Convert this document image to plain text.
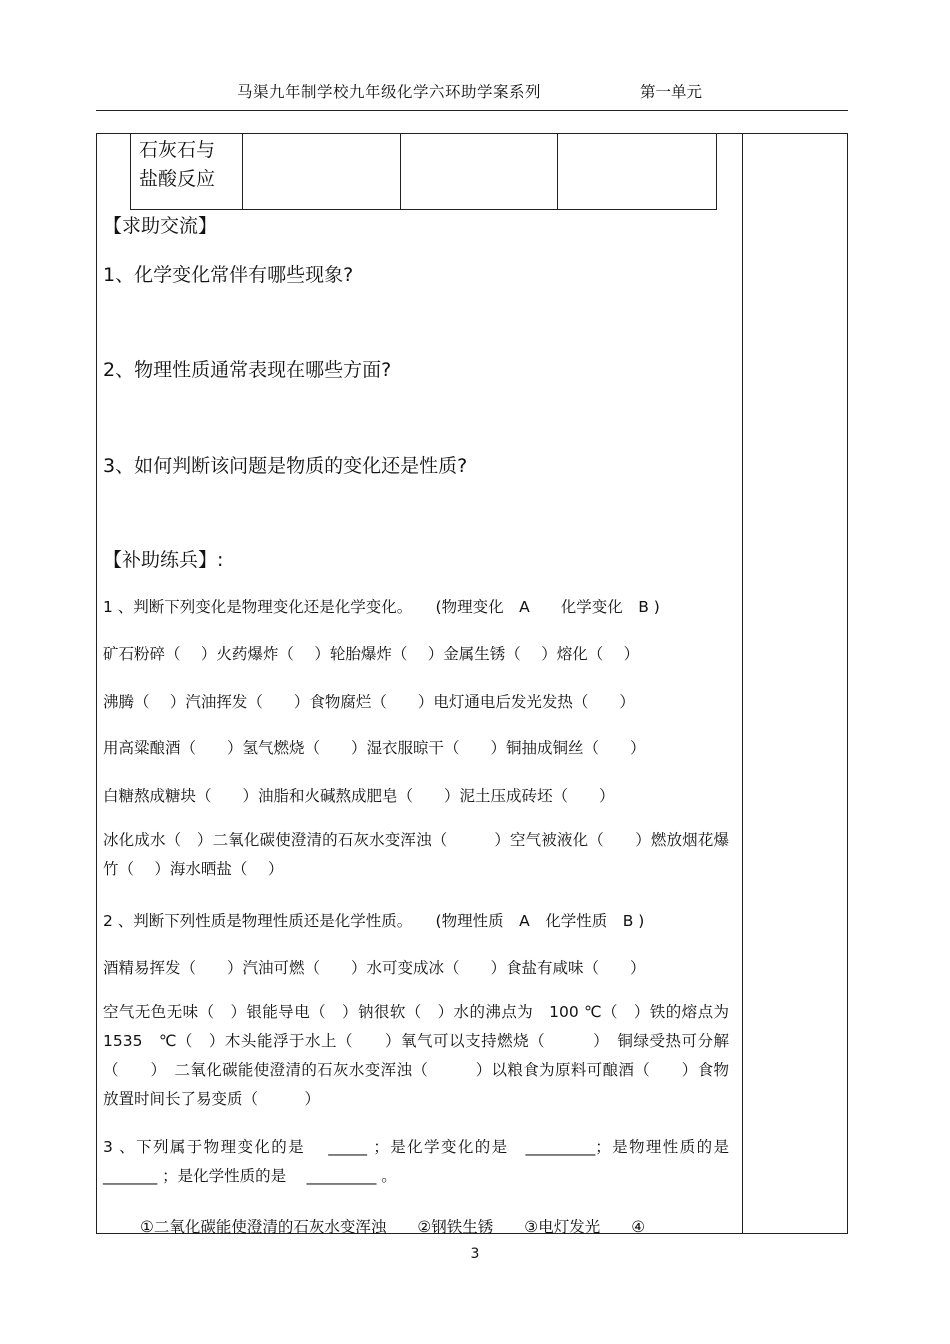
马渠九年制学校九年级化学六环助学案系列	第一单元
石灰石与
盐酸反应
【求助交流】
1、化学变化常伴有哪些现象?
2、物理性质通常表现在哪些方面?
3、如何判断该问题是物质的变化还是性质?
【补助练兵】:
1 、判断下列变化是物理变化还是化学变化。　　(物理变化　A　　化学变化　B )
矿石粉碎（　 ）火药爆炸（　 ）轮胎爆炸（　 ）金属生锈（　 ）熔化（　 ）
沸腾（　 ）汽油挥发（　　）食物腐烂（　　）电灯通电后发光发热（　　）
用高粱酿酒（　　）氢气燃烧（　　）湿衣服晾干（　　）铜抽成铜丝（　　）
白糖熬成糖块（　　）油脂和火碱熬成肥皂（　　）泥土压成砖坯（　　）
冰化成水（　）二氧化碳使澄清的石灰水变浑浊（　　　）空气被液化（　　）燃放烟花爆竹（　 ）海水晒盐（　 ）
2 、判断下列性质是物理性质还是化学性质。　　(物理性质　A　化学性质　B )
酒精易挥发（　　）汽油可燃（　　）水可变成冰（　　）食盐有咸味（　　）
空气无色无味（　）银能导电（　）钠很软（　）水的沸点为　100 ℃（　）铁的熔点为　1535　℃（　）木头能浮于水上（　　）氧气可以支持燃烧（　　　）　铜绿受热可分解（　　）　二氧化碳能使澄清的石灰水变浑浊（　　　）以粮食为原料可酿酒（　　）食物放置时间长了易变质（　　　）
3 、下列属于物理变化的是　 _____ ；是化学变化的是　_________；是物理性质的是 _______ ；是化学性质的是　 _________ 。
①二氧化碳能使澄清的石灰水变浑浊　　②钢铁生锈　　③电灯发光　　④
3
